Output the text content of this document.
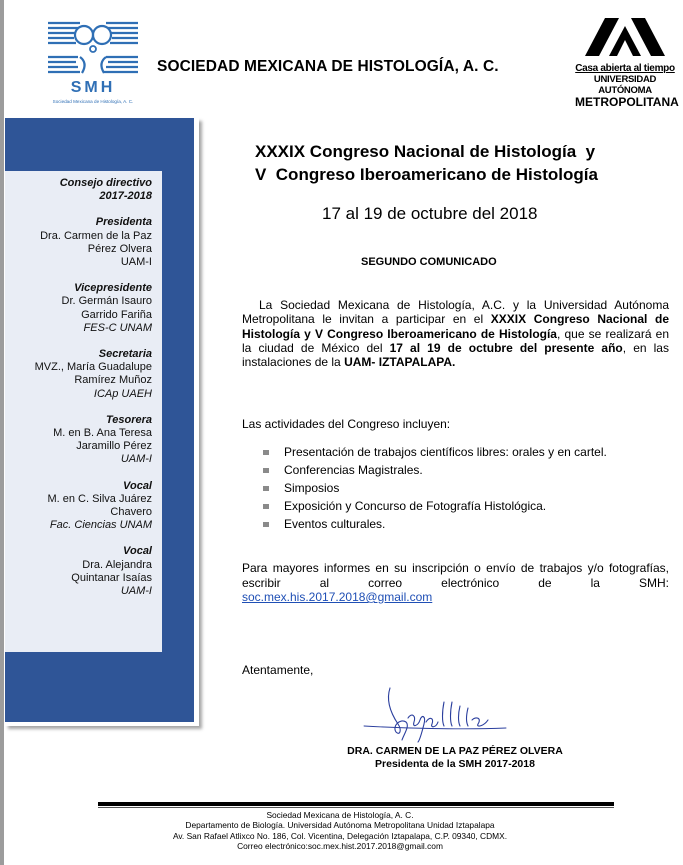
SMH
Sociedad Mexicana de Histología, A. C.
SOCIEDAD MEXICANA DE HISTOLOGÍA, A. C.	Casa abierta al tiempo
UNIVERSIDAD AUTÓNOMA
METROPOLITANA
Consejo directivo
2017-2018
Presidenta
Dra. Carmen de la Paz
Pérez Olvera
UAM-I
Vicepresidente
Dr. Germán Isauro
Garrido Fariña
FES-C UNAM
Secretaria
MVZ., María Guadalupe
Ramírez Muñoz
ICAp UAEH
Tesorera
M. en B. Ana Teresa
Jaramillo Pérez
UAM-I
Vocal
M. en C. Silva Juárez
Chavero
Fac. Ciencias UNAM
Vocal
Dra. Alejandra
Quintanar Isaías
UAM-I
XXXIX Congreso Nacional de Histología  y
V  Congreso Iberoamericano de Histología
17 al 19 de octubre del 2018
SEGUNDO COMUNICADO
La Sociedad Mexicana de Histología, A.C. y la Universidad Autónoma Metropolitana le invitan a participar en el XXXIX Congreso Nacional de Histología y V Congreso Iberoamericano de Histología, que se realizará en la ciudad de México del 17 al 19 de octubre del presente año, en las instalaciones de la UAM- IZTAPALAPA.
Las actividades del Congreso incluyen:
Presentación de trabajos científicos libres: orales y en cartel.
Conferencias Magistrales.
Simposios
Exposición y Concurso de Fotografía Histológica.
Eventos culturales.
Para mayores informes en su inscripción o envío de trabajos y/o fotografías, escribir al correo electrónico de la SMH:
soc.mex.his.2017.2018@gmail.com
Atentamente,
DRA. CARMEN DE LA PAZ PÉREZ OLVERA
Presidenta de la SMH 2017-2018
Sociedad Mexicana de Histología, A. C.
Departamento de Biología. Universidad Autónoma Metropolitana Unidad Iztapalapa
Av. San Rafael Atlixco No. 186, Col. Vicentina, Delegación Iztapalapa, C.P. 09340, CDMX.
Correo electrónico:soc.mex.hist.2017.2018@gmail.com
